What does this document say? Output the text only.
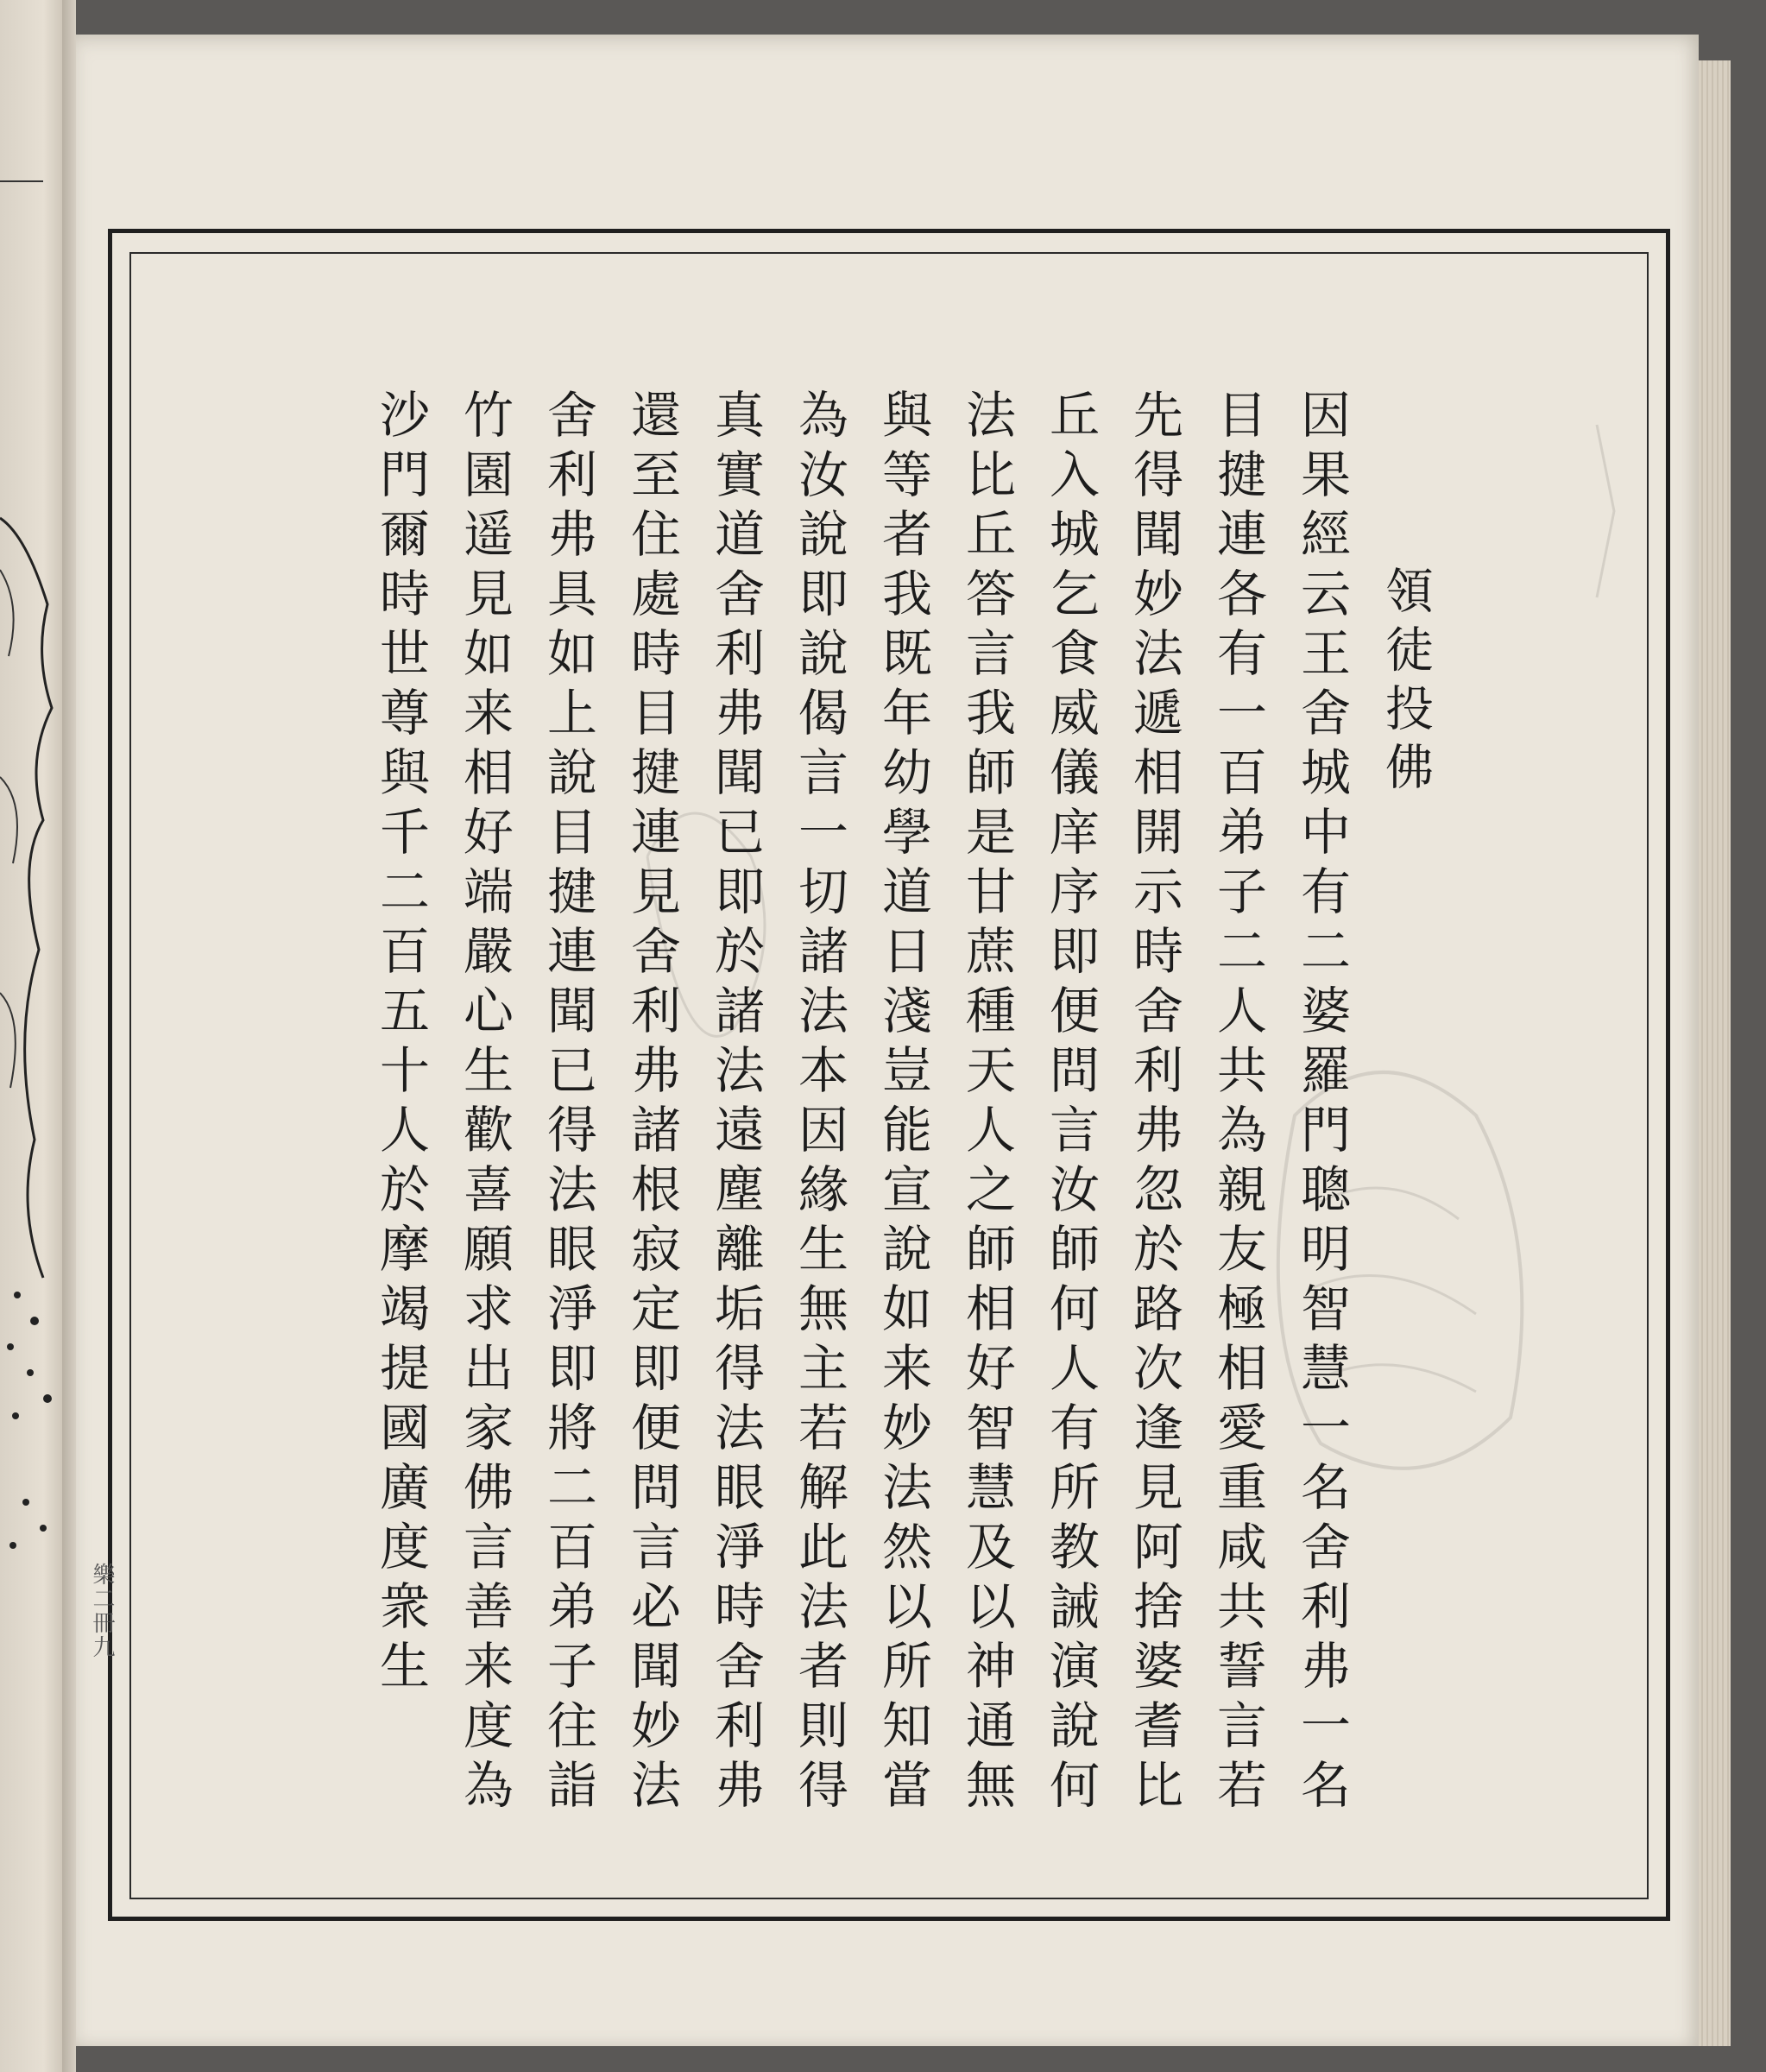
領徒投佛
因果經云王舍城中有二婆羅門聰明智慧一名舍利弗一名
目揵連各有一百弟子二人共為親友極相愛重咸共誓言若
先得聞妙法遞相開示時舍利弗忽於路次逢見阿捨婆耆比
丘入城乞食威儀庠序即便問言汝師何人有所教誡演說何
法比丘答言我師是甘蔗種天人之師相好智慧及以神通無
與等者我既年幼學道日淺豈能宣說如来妙法然以所知當
為汝說即說偈言一切諸法本因緣生無主若解此法者則得
真實道舍利弗聞已即於諸法遠塵離垢得法眼淨時舍利弗
還至住處時目揵連見舍利弗諸根寂定即便問言必聞妙法
舍利弗具如上說目揵連聞已得法眼淨即將二百弟子往詣
竹園遥見如来相好端嚴心生歡喜願求出家佛言善来度為
沙門爾時世尊與千二百五十人於摩竭提國廣度衆生
樂二冊九
